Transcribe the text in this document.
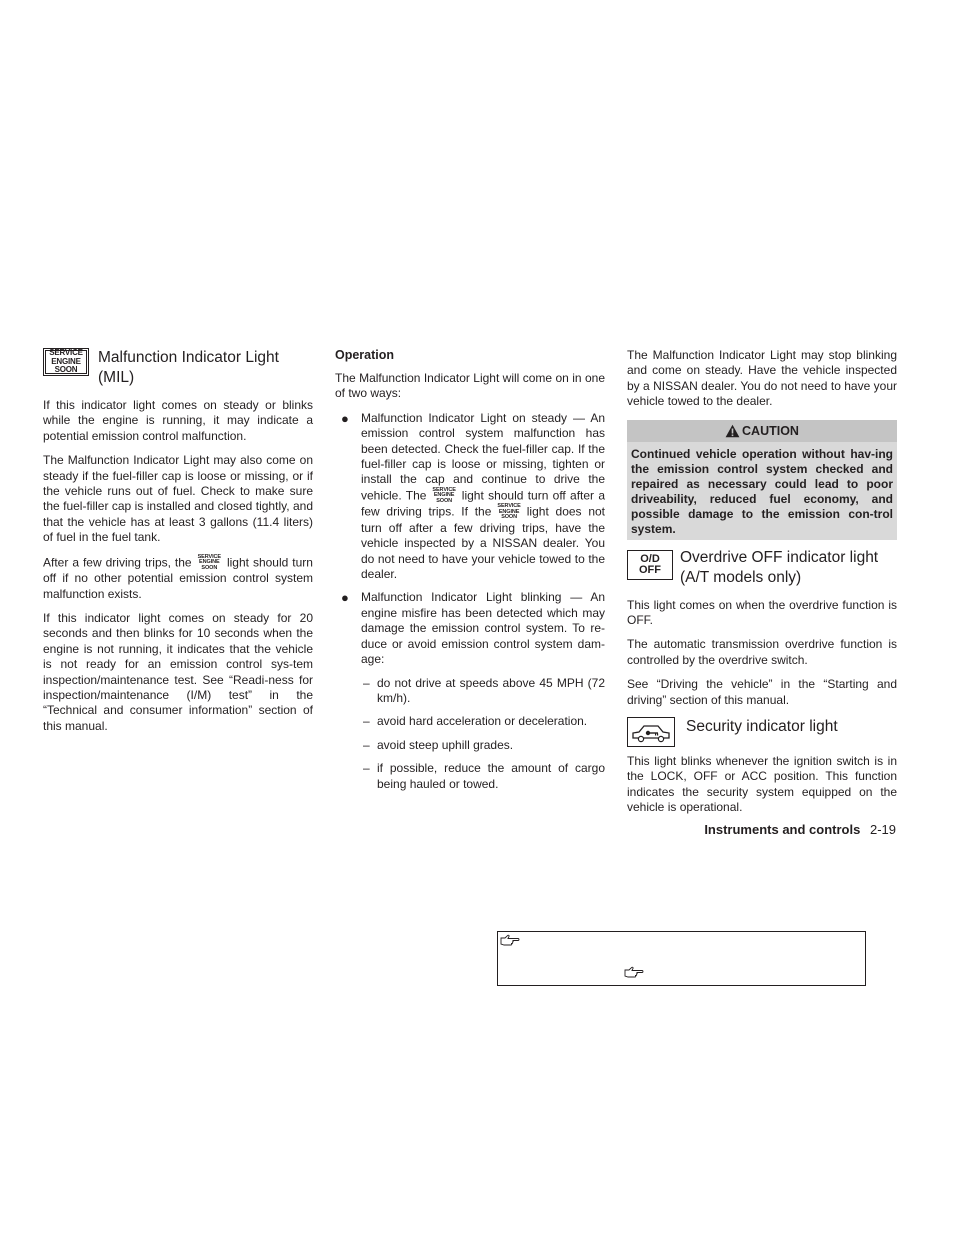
SERVICE
ENGINE
SOON
Malfunction Indicator Light (MIL)

If this indicator light comes on steady or blinks while the engine is running, it may indicate a potential emission control malfunction.

The Malfunction Indicator Light may also come on steady if the fuel-filler cap is loose or missing, or if the vehicle runs out of fuel. Check to make sure the fuel-filler cap is installed and closed tightly, and that the vehicle has at least 3 gallons (11.4 liters) of fuel in the fuel tank.

After a few driving trips, the SERVICE
ENGINE
SOON light should turn off if no other potential emission control system malfunction exists.

If this indicator light comes on steady for 20 seconds and then blinks for 10 seconds when the engine is not running, it indicates that the vehicle is not ready for an emission control sys-tem inspection/maintenance test. See “Readi-ness for inspection/maintenance (I/M) test” in the “Technical and consumer information” section of this manual.

Operation

The Malfunction Indicator Light will come on in one of two ways:

● Malfunction Indicator Light on steady — An emission control system malfunction has been detected. Check the fuel-filler cap. If the fuel-filler cap is loose or missing, tighten or install the cap and continue to drive the vehicle. The SERVICE
ENGINE
SOON light should turn off after a few driving trips. If the SERVICE
ENGINE
SOON light does not turn off after a few driving trips, have the vehicle inspected by a NISSAN dealer. You do not need to have your vehicle towed to the dealer.
● Malfunction Indicator Light blinking — An engine misfire has been detected which may damage the emission control system. To re-duce or avoid emission control system dam-age:
– do not drive at speeds above 45 MPH (72 km/h).
– avoid hard acceleration or deceleration.
– avoid steep uphill grades.
– if possible, reduce the amount of cargo being hauled or towed.

The Malfunction Indicator Light may stop blinking and come on steady. Have the vehicle inspected by a NISSAN dealer. You do not need to have your vehicle towed to the dealer.

CAUTION
Continued vehicle operation without hav-ing the emission control system checked and repaired as necessary could lead to poor driveability, reduced fuel economy, and possible damage to the emission con-trol system.
O/D
OFF
Overdrive OFF indicator light (A/T models only)

This light comes on when the overdrive function is OFF.

The automatic transmission overdrive function is controlled by the overdrive switch.

See “Driving the vehicle” in the “Starting and driving” section of this manual.

Security indicator light

This light blinks whenever the ignition switch is in the LOCK, OFF or ACC position. This function indicates the security system equipped on the vehicle is operational.

Instruments and controls 2-19
